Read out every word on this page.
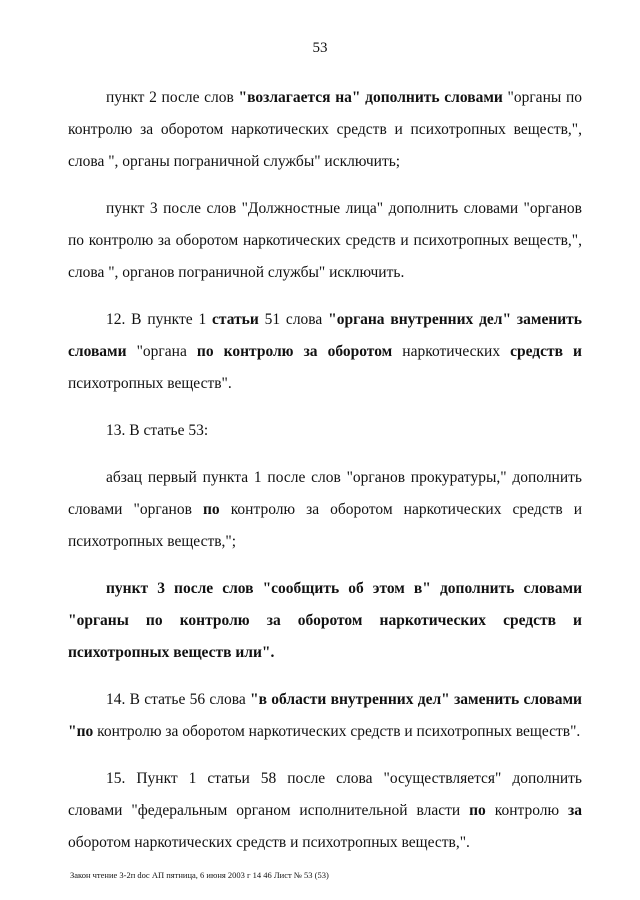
53

пункт 2 после слов "возлагается на" дополнить словами "органы по контролю за оборотом наркотических средств и психотропных веществ,", слова ", органы пограничной службы" исключить;

пункт 3 после слов "Должностные лица" дополнить словами "органов по контролю за оборотом наркотических средств и психотропных веществ,", слова ", органов пограничной службы" исключить.

12. В пункте 1 статьи 51 слова "органа внутренних дел" заменить словами "органа по контролю за оборотом наркотических средств и психотропных веществ".

13. В статье 53:

абзац первый пункта 1 после слов "органов прокуратуры," дополнить словами "органов по контролю за оборотом наркотических средств и психотропных веществ,";

пункт 3 после слов "сообщить об этом в" дополнить словами "органы по контролю за оборотом наркотических средств и психотропных веществ или".

14. В статье 56 слова "в области внутренних дел" заменить словами "по контролю за оборотом наркотических средств и психотропных веществ".

15. Пункт 1 статьи 58 после слова "осуществляется" дополнить словами "федеральным органом исполнительной власти по контролю за оборотом наркотических средств и психотропных веществ,".

Закон чтение 3-2п doc АП пятница, 6 июня 2003 г 14 46 Лист № 53 (53)
